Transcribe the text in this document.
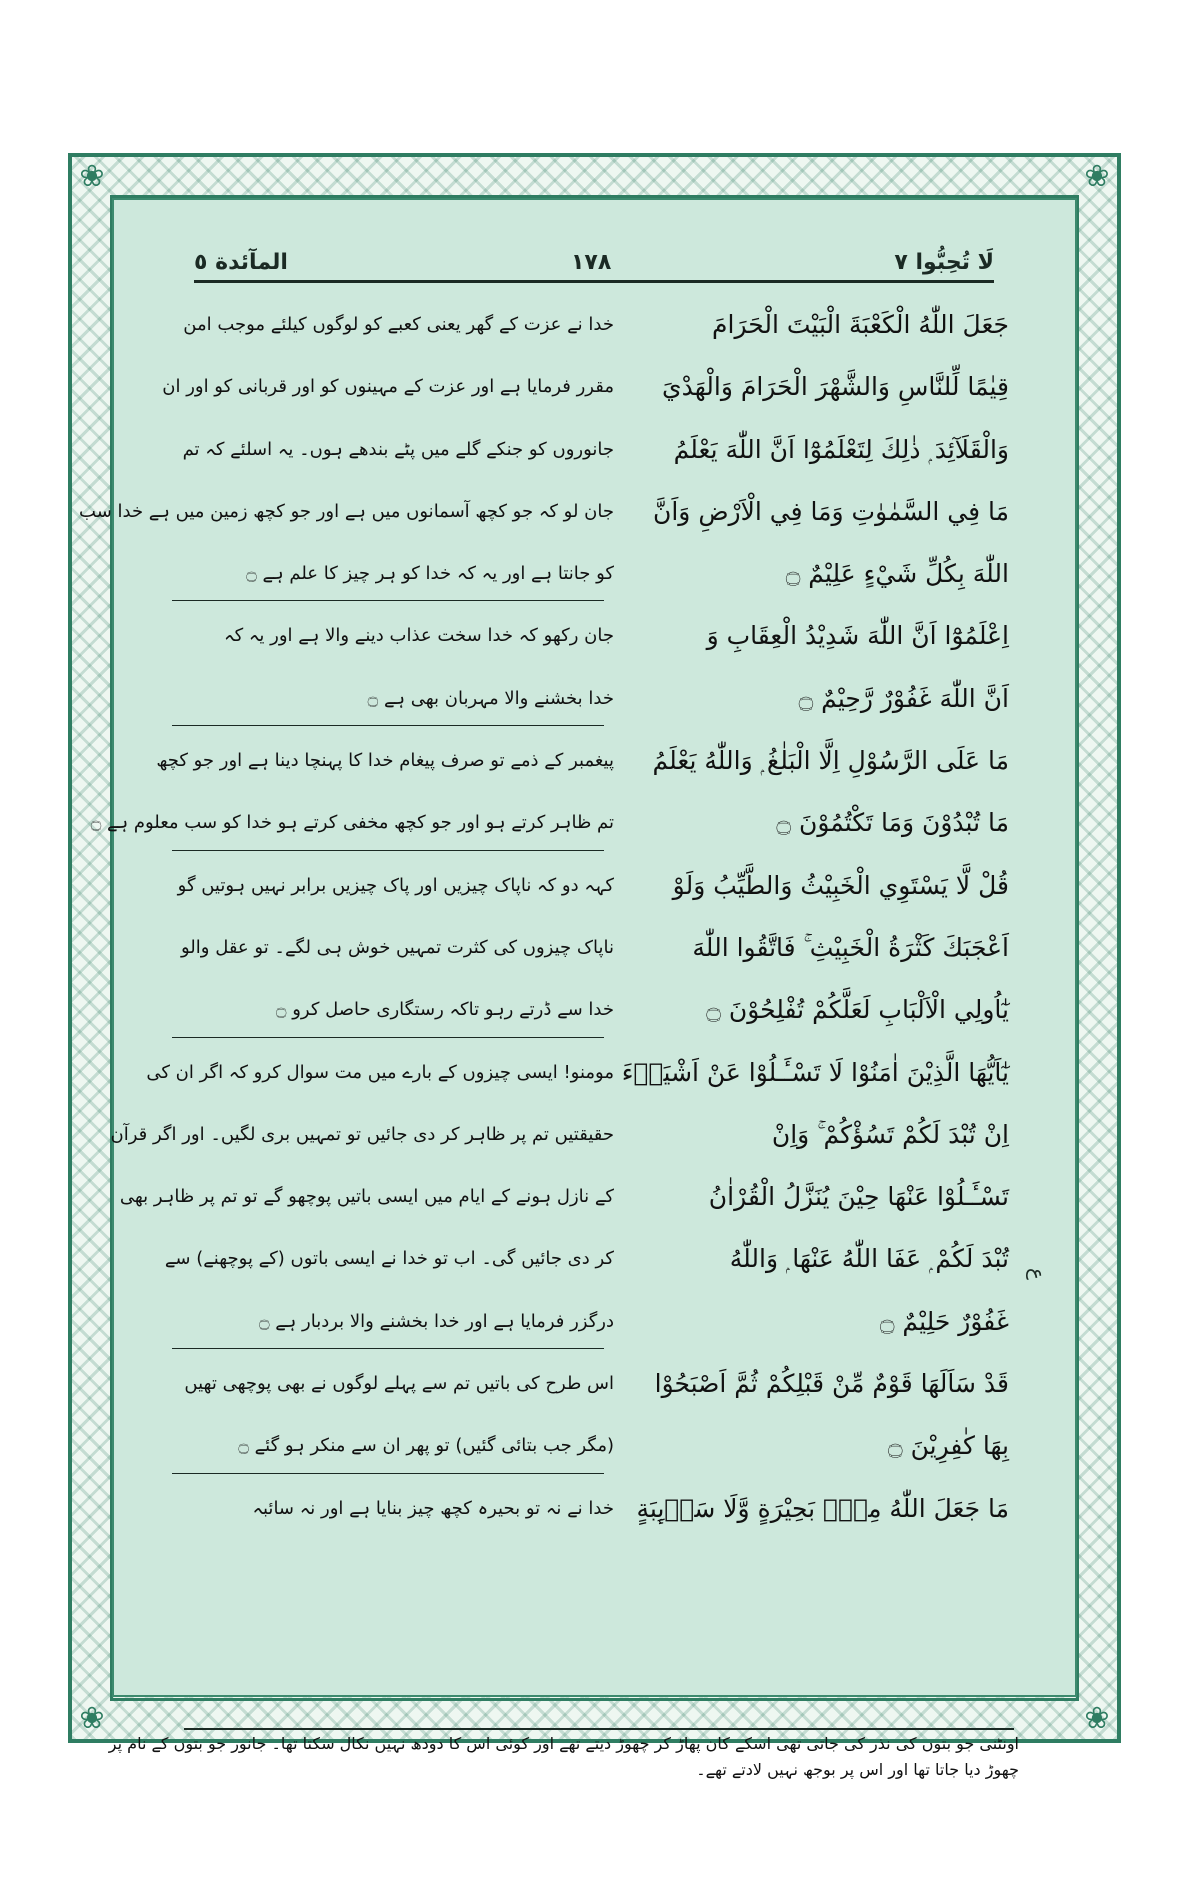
❀	❀
❀	❀
لَا تُحِبُّوا ٧
١٧٨
المآئدة ٥
جَعَلَ اللّٰهُ الْكَعْبَةَ الْبَيْتَ الْحَرَامَ
خدا نے عزت کے گھر یعنی کعبے کو لوگوں کیلئے موجب امن
قِيٰمًا لِّلنَّاسِ وَالشَّهْرَ الْحَرَامَ وَالْهَدْيَ
مقرر فرمایا ہے اور عزت کے مہینوں کو اور قربانی کو اور ان
وَالْقَلَآئِدَ ۭ ذٰلِكَ لِتَعْلَمُوْٓا اَنَّ اللّٰهَ يَعْلَمُ
جانوروں کو جنکے گلے میں پٹے بندھے ہوں۔ یہ اسلئے کہ تم
مَا فِي السَّمٰوٰتِ وَمَا فِي الْاَرْضِ وَاَنَّ
جان لو کہ جو کچھ آسمانوں میں ہے اور جو کچھ زمین میں ہے خدا سب
اللّٰهَ بِكُلِّ شَيْءٍ عَلِيْمٌ ۝
کو جانتا ہے اور یہ کہ خدا کو ہر چیز کا علم ہے ۝
اِعْلَمُوْٓا اَنَّ اللّٰهَ شَدِيْدُ الْعِقَابِ وَ
جان رکھو کہ خدا سخت عذاب دینے والا ہے اور یہ کہ
اَنَّ اللّٰهَ غَفُوْرٌ رَّحِيْمٌ ۝
خدا بخشنے والا مہربان بھی ہے ۝
مَا عَلَى الرَّسُوْلِ اِلَّا الْبَلٰغُ ۭ وَاللّٰهُ يَعْلَمُ
پیغمبر کے ذمے تو صرف پیغام خدا کا پہنچا دینا ہے اور جو کچھ
مَا تُبْدُوْنَ وَمَا تَكْتُمُوْنَ ۝
تم ظاہر کرتے ہو اور جو کچھ مخفی کرتے ہو خدا کو سب معلوم ہے ۝
قُلْ لَّا يَسْتَوِي الْخَبِيْثُ وَالطَّيِّبُ وَلَوْ
کہہ دو کہ ناپاک چیزیں اور پاک چیزیں برابر نہیں ہوتیں گو
اَعْجَبَكَ كَثْرَةُ الْخَبِيْثِ ۚ فَاتَّقُوا اللّٰهَ
ناپاک چیزوں کی کثرت تمہیں خوش ہی لگے۔ تو عقل والو
يٰٓاُولِي الْاَلْبَابِ لَعَلَّكُمْ تُفْلِحُوْنَ ۝
خدا سے ڈرتے رہو تاکہ رستگاری حاصل کرو ۝
يٰٓاَيُّهَا الَّذِيْنَ اٰمَنُوْا لَا تَسْـَٔـلُوْا عَنْ اَشْيَاۗءَ
مومنو! ایسی چیزوں کے بارے میں مت سوال کرو کہ اگر ان کی
اِنْ تُبْدَ لَكُمْ تَسُؤْكُمْ ۚ وَاِنْ
حقیقتیں تم پر ظاہر کر دی جائیں تو تمہیں بری لگیں۔ اور اگر قرآن
تَسْـَٔـلُوْا عَنْهَا حِيْنَ يُنَزَّلُ الْقُرْاٰنُ
کے نازل ہونے کے ایام میں ایسی باتیں پوچھو گے تو تم پر ظاہر بھی
تُبْدَ لَكُمْ ۭ عَفَا اللّٰهُ عَنْهَا ۭ وَاللّٰهُ
کر دی جائیں گی۔ اب تو خدا نے ایسی باتوں (کے پوچھنے) سے
غَفُوْرٌ حَلِيْمٌ ۝
درگزر فرمایا ہے اور خدا بخشنے والا بردبار ہے ۝
قَدْ سَاَلَهَا قَوْمٌ مِّنْ قَبْلِكُمْ ثُمَّ اَصْبَحُوْا
اس طرح کی باتیں تم سے پہلے لوگوں نے بھی پوچھی تھیں
بِهَا كٰفِرِيْنَ ۝
(مگر جب بتائی گئیں) تو پھر ان سے منکر ہو گئے ۝
مَا جَعَلَ اللّٰهُ مِنْۢ بَحِيْرَةٍ وَّلَا سَاۗىِٕبَةٍ
خدا نے نہ تو بحیرہ کچھ چیز بنایا ہے اور نہ سائبہ
ع
اونٹنی جو بتوں کی نذر کی جاتی تھی اسکے کان پھاڑ کر چھوڑ دیتے تھے اور کوئی اس کا دودھ نہیں نکال سکتا تھا۔ جانور جو بتوں کے نام پر
چھوڑ دیا جاتا تھا اور اس پر بوجھ نہیں لادتے تھے۔
